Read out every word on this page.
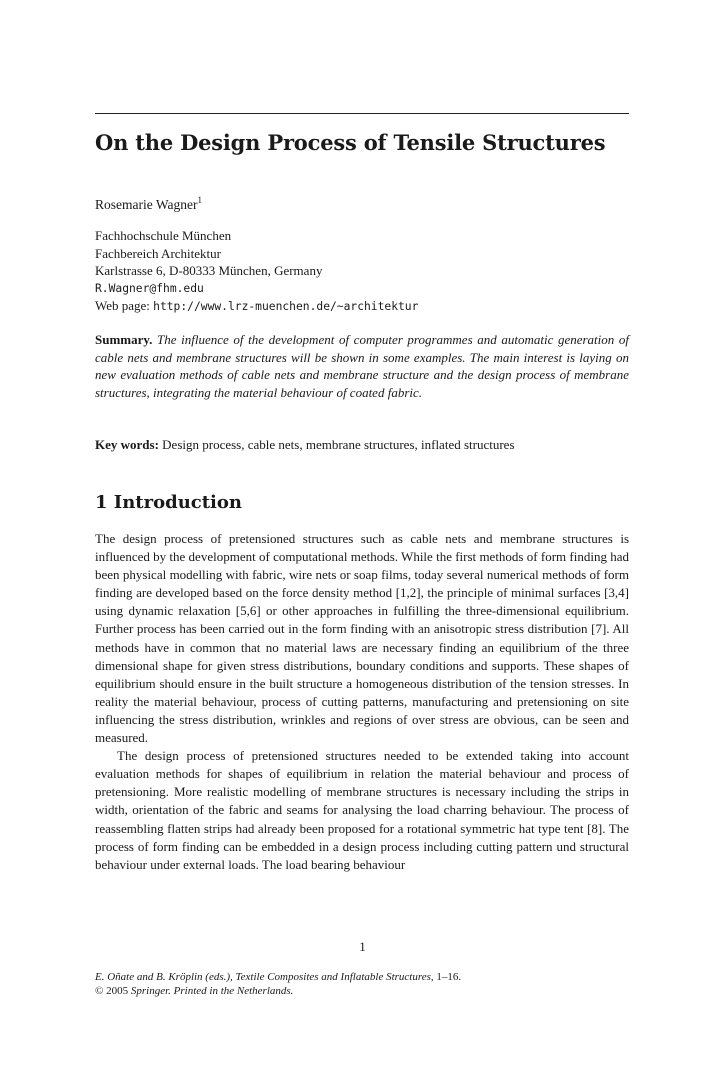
On the Design Process of Tensile Structures

Rosemarie Wagner$^1$

Fachhochschule München
Fachbereich Architektur
Karlstrasse 6, D-80333 München, Germany
R.Wagner@fhm.edu
Web page: http://www.lrz-muenchen.de/~architektur

Summary. The influence of the development of computer programmes and automatic generation of cable nets and membrane structures will be shown in some examples. The main interest is laying on new evaluation methods of cable nets and membrane structure and the design process of membrane structures, integrating the material behaviour of coated fabric.

Key words: Design process, cable nets, membrane structures, inflated structures

1 Introduction

The design process of pretensioned structures such as cable nets and membrane structures is influenced by the development of computational methods. While the first methods of form finding had been physical modelling with fabric, wire nets or soap films, today several numerical methods of form finding are developed based on the force density method [1,2], the principle of minimal surfaces [3,4] using dynamic relaxation [5,6] or other approaches in fulfilling the three-dimensional equilibrium. Further process has been carried out in the form finding with an anisotropic stress distribution [7]. All methods have in common that no material laws are necessary finding an equilibrium of the three dimensional shape for given stress distributions, boundary conditions and supports. These shapes of equilibrium should ensure in the built structure a homogeneous distribution of the tension stresses. In reality the material behaviour, process of cutting patterns, manufacturing and pretensioning on site influencing the stress distribution, wrinkles and regions of over stress are obvious, can be seen and measured.

The design process of pretensioned structures needed to be extended taking into account evaluation methods for shapes of equilibrium in relation the material behaviour and process of pretensioning. More realistic modelling of membrane structures is necessary including the strips in width, orientation of the fabric and seams for analysing the load charring behaviour. The process of reassembling flatten strips had already been proposed for a rotational symmetric hat type tent [8]. The process of form finding can be embedded in a design process including cutting pattern und structural behaviour under external loads. The load bearing behaviour

1

E. Oñate and B. Kröplin (eds.), Textile Composites and Inflatable Structures, 1–16.
© 2005 Springer. Printed in the Netherlands.
